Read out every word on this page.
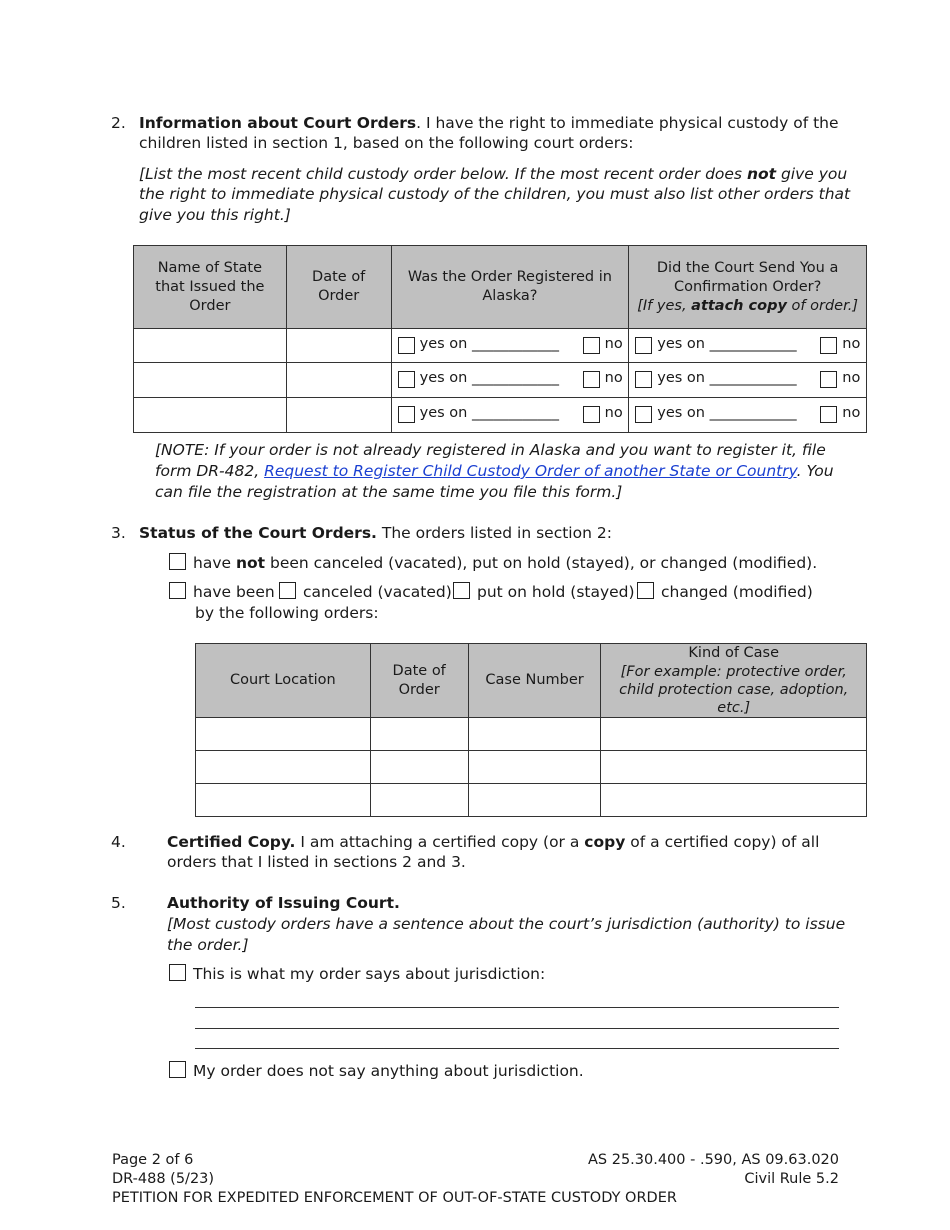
2. Information about Court Orders. I have the right to immediate physical custody of the
children listed in section 1, based on the following court orders:
[List the most recent child custody order below. If the most recent order does not give you
the right to immediate physical custody of the children, you must also list other orders that
give you this right.]
Name of State that Issued the Order	Date of Order	Was the Order Registered in Alaska?	Did the Court Send You a Confirmation Order?
[If yes, attach copy of order.]

		yes on ____________ no	yes on ____________ no

		yes on ____________ no	yes on ____________ no

		yes on ____________ no	yes on ____________ no
[NOTE: If your order is not already registered in Alaska and you want to register it, file
form DR-482, Request to Register Child Custody Order of another State or Country. You
can file the registration at the same time you file this form.]
3. Status of the Court Orders. The orders listed in section 2:
have not been canceled (vacated), put on hold (stayed), or changed (modified).
have been canceled (vacated) put on hold (stayed) changed (modified)
by the following orders:
Court Location	Date of Order	Case Number	Kind of Case
[For example: protective order, child protection case, adoption, etc.]

4.	Certified Copy. I am attaching a certified copy (or a copy of a certified copy) of all
orders that I listed in sections 2 and 3.
5.	Authority of Issuing Court.
[Most custody orders have a sentence about the court’s jurisdiction (authority) to issue
the order.]
This is what my order says about jurisdiction:
My order does not say anything about jurisdiction.
Page 2 of 6
DR-488 (5/23)
PETITION FOR EXPEDITED ENFORCEMENT OF OUT-OF-STATE CUSTODY ORDER
AS 25.30.400 - .590, AS 09.63.020
Civil Rule 5.2
